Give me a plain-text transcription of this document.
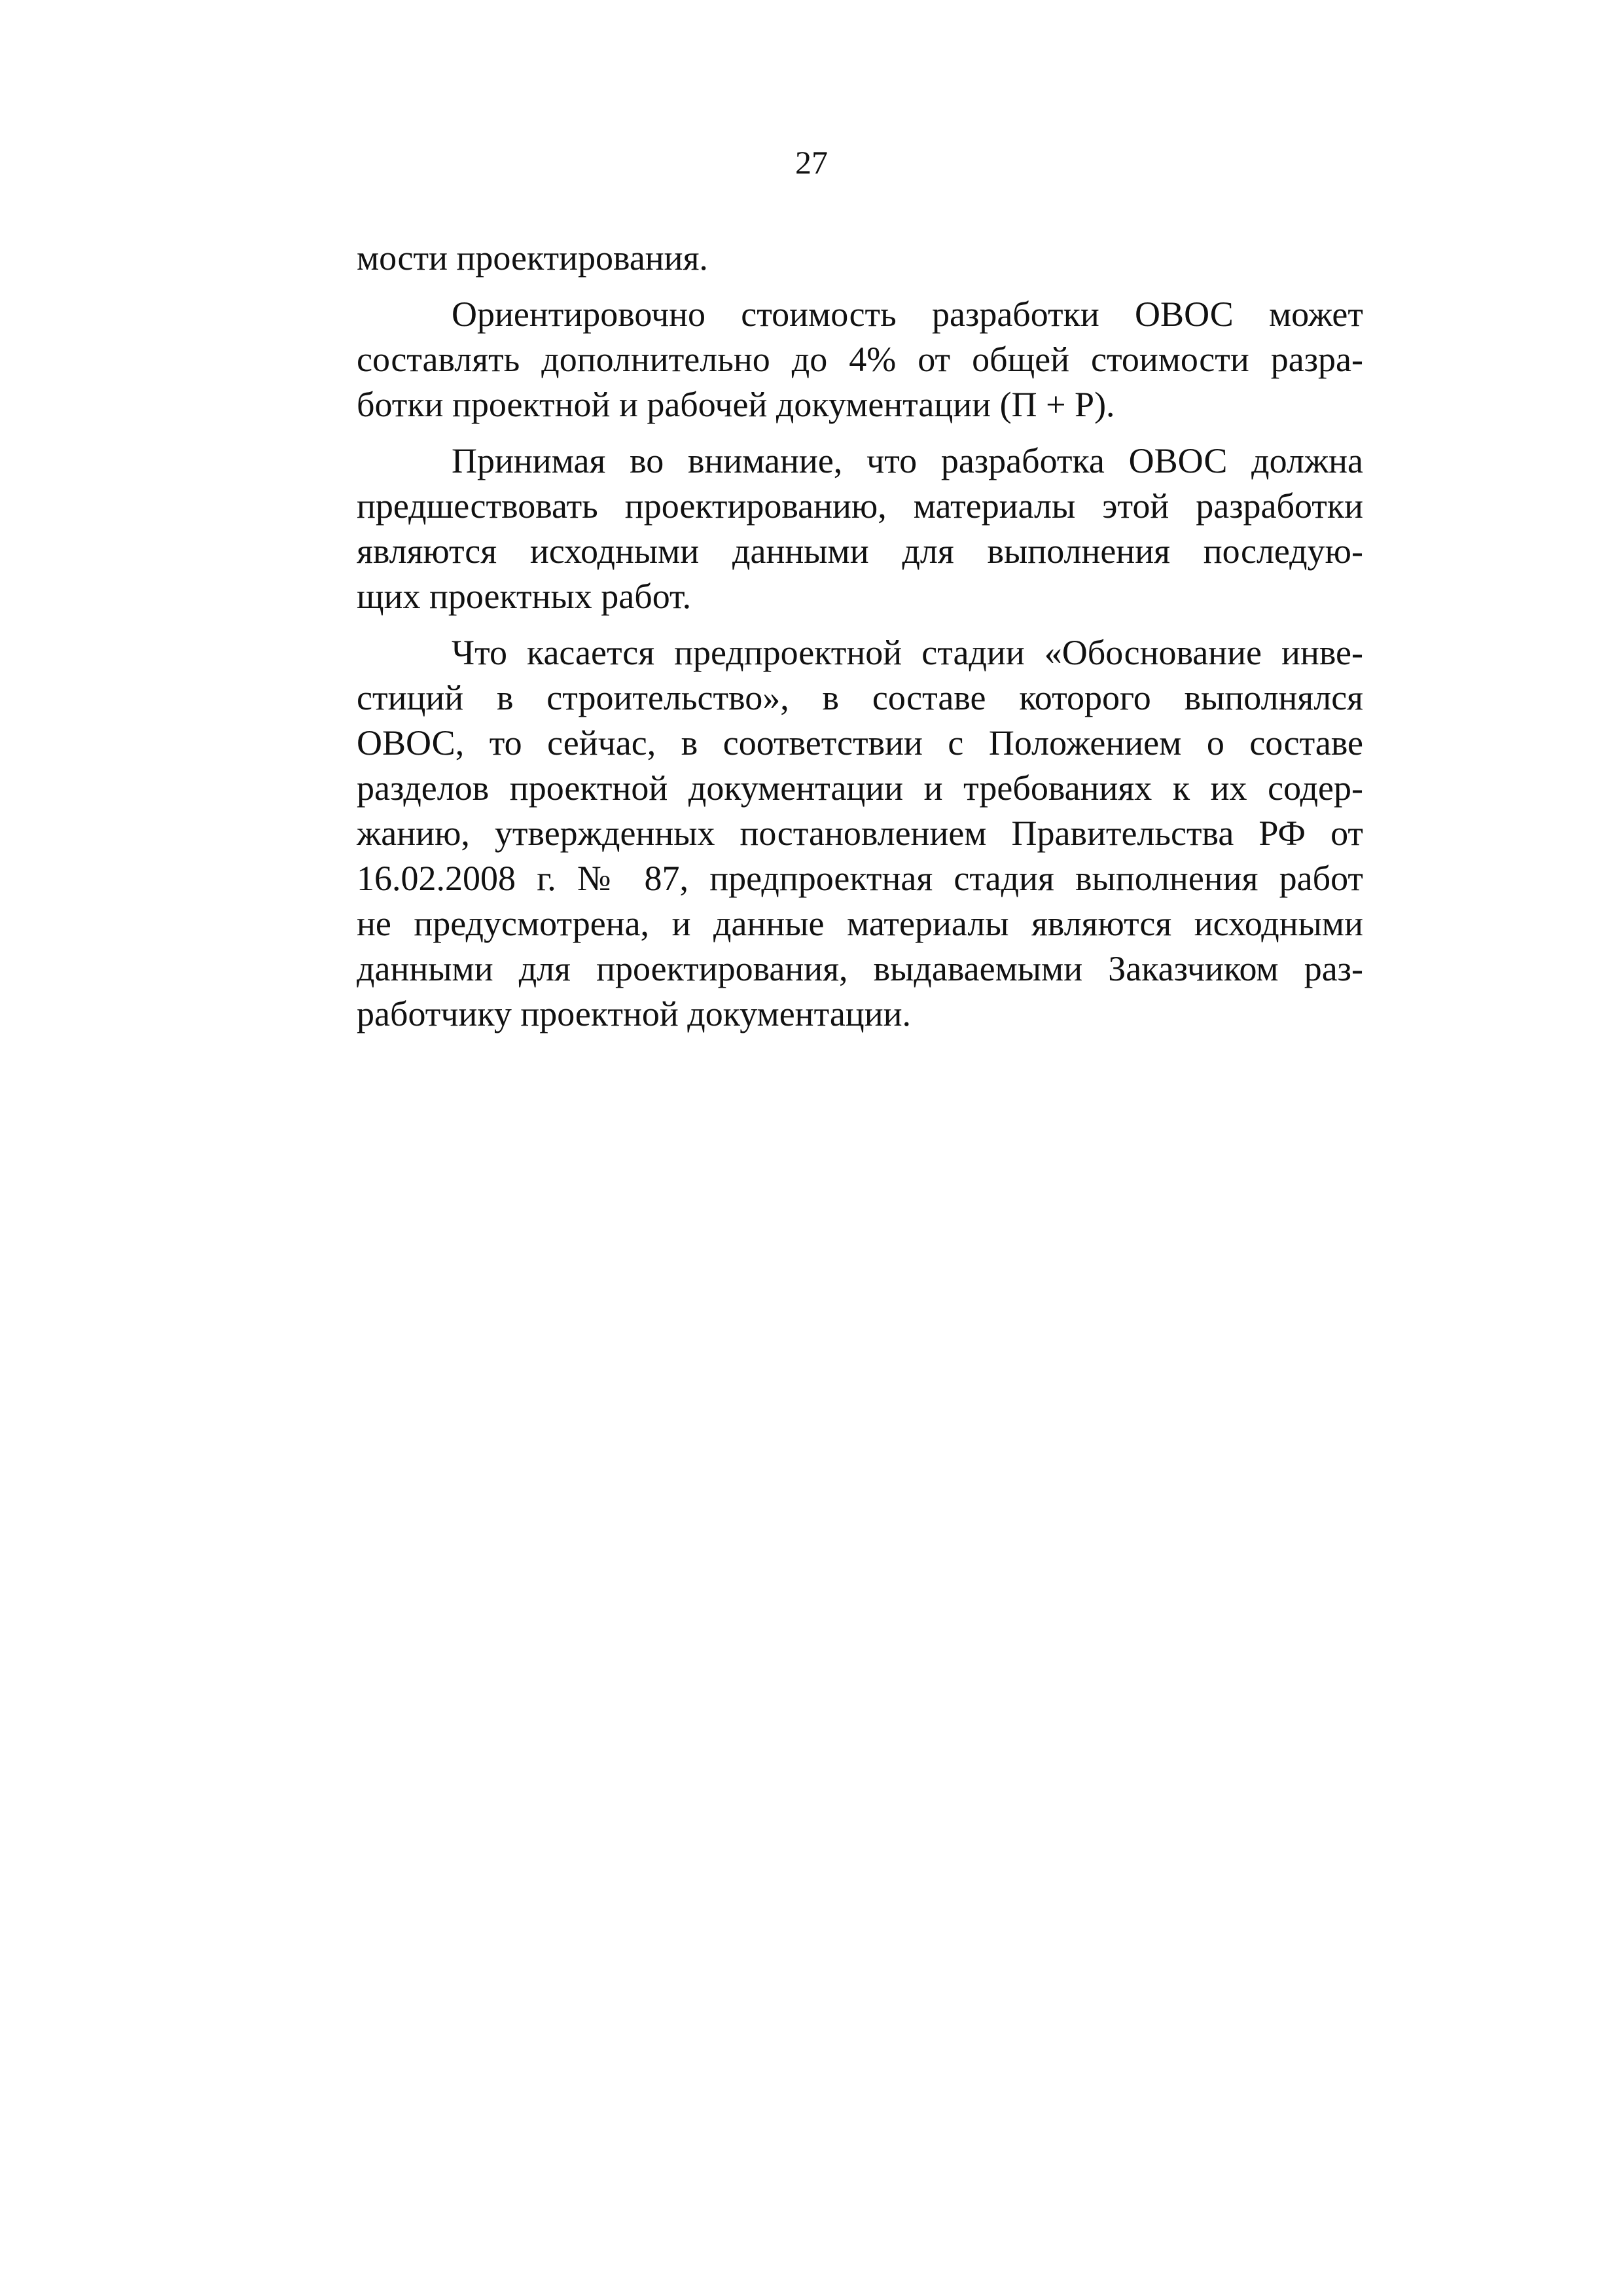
27
мости проектирования.
Ориентировочно стоимость разработки ОВОС может
составлять дополнительно до 4% от общей стоимости разра-
ботки проектной и рабочей документации (П + Р).
Принимая во внимание, что разработка ОВОС должна
предшествовать проектированию, материалы этой разработки
являются исходными данными для выполнения последую-
щих проектных работ.
Что касается предпроектной стадии «Обоснование инве-
стиций в строительство», в составе которого выполнялся
ОВОС, то сейчас, в соответствии с Положением о составе
разделов проектной документации и требованиях к их содер-
жанию, утвержденных постановлением Правительства РФ от
16.02.2008 г. № 87, предпроектная стадия выполнения работ
не предусмотрена, и данные материалы являются исходными
данными для проектирования, выдаваемыми Заказчиком раз-
работчику проектной документации.
